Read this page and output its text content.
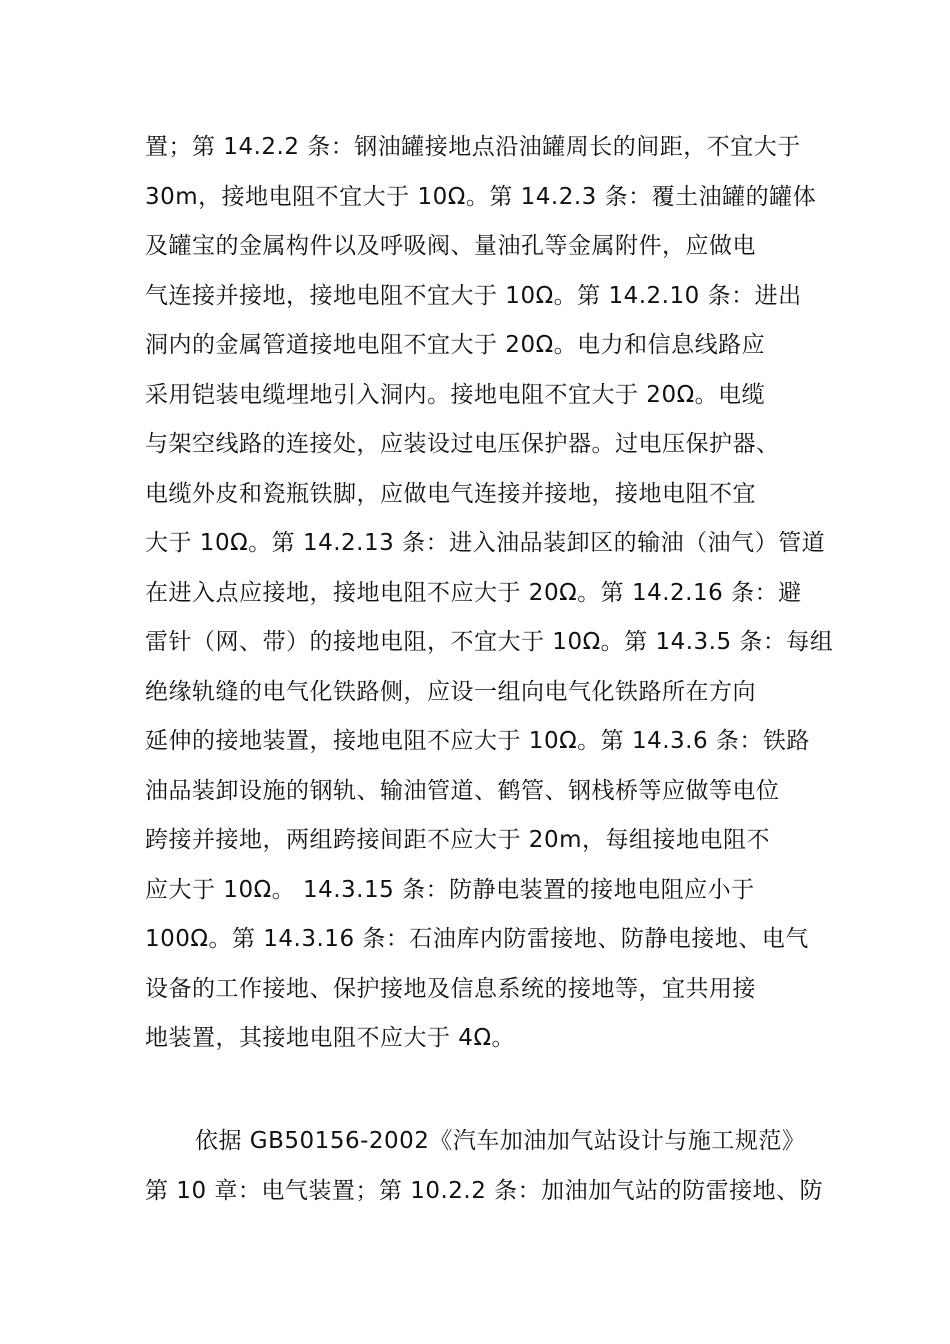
置；第 14.2.2 条：钢油罐接地点沿油罐周长的间距，不宜大于
30m，接地电阻不宜大于 10Ω。第 14.2.3 条：覆土油罐的罐体
及罐宝的金属构件以及呼吸阀、量油孔等金属附件，应做电
气连接并接地，接地电阻不宜大于 10Ω。第 14.2.10 条：进出
洞内的金属管道接地电阻不宜大于 20Ω。电力和信息线路应
采用铠装电缆埋地引入洞内。接地电阻不宜大于 20Ω。电缆
与架空线路的连接处，应装设过电压保护器。过电压保护器、
电缆外皮和瓷瓶铁脚，应做电气连接并接地，接地电阻不宜
大于 10Ω。第 14.2.13 条：进入油品装卸区的输油（油气）管道
在进入点应接地，接地电阻不应大于 20Ω。第 14.2.16 条：避
雷针（网、带）的接地电阻，不宜大于 10Ω。第 14.3.5 条：每组
绝缘轨缝的电气化铁路侧，应设一组向电气化铁路所在方向
延伸的接地装置，接地电阻不应大于 10Ω。第 14.3.6 条：铁路
油品装卸设施的钢轨、输油管道、鹤管、钢栈桥等应做等电位
跨接并接地，两组跨接间距不应大于 20m，每组接地电阻不
应大于 10Ω。 14.3.15 条：防静电装置的接地电阻应小于
100Ω。第 14.3.16 条：石油库内防雷接地、防静电接地、电气
设备的工作接地、保护接地及信息系统的接地等，宜共用接
地装置，其接地电阻不应大于 4Ω。
依据 GB50156-2002《汽车加油加气站设计与施工规范》
第 10 章：电气装置；第 10.2.2 条：加油加气站的防雷接地、防
